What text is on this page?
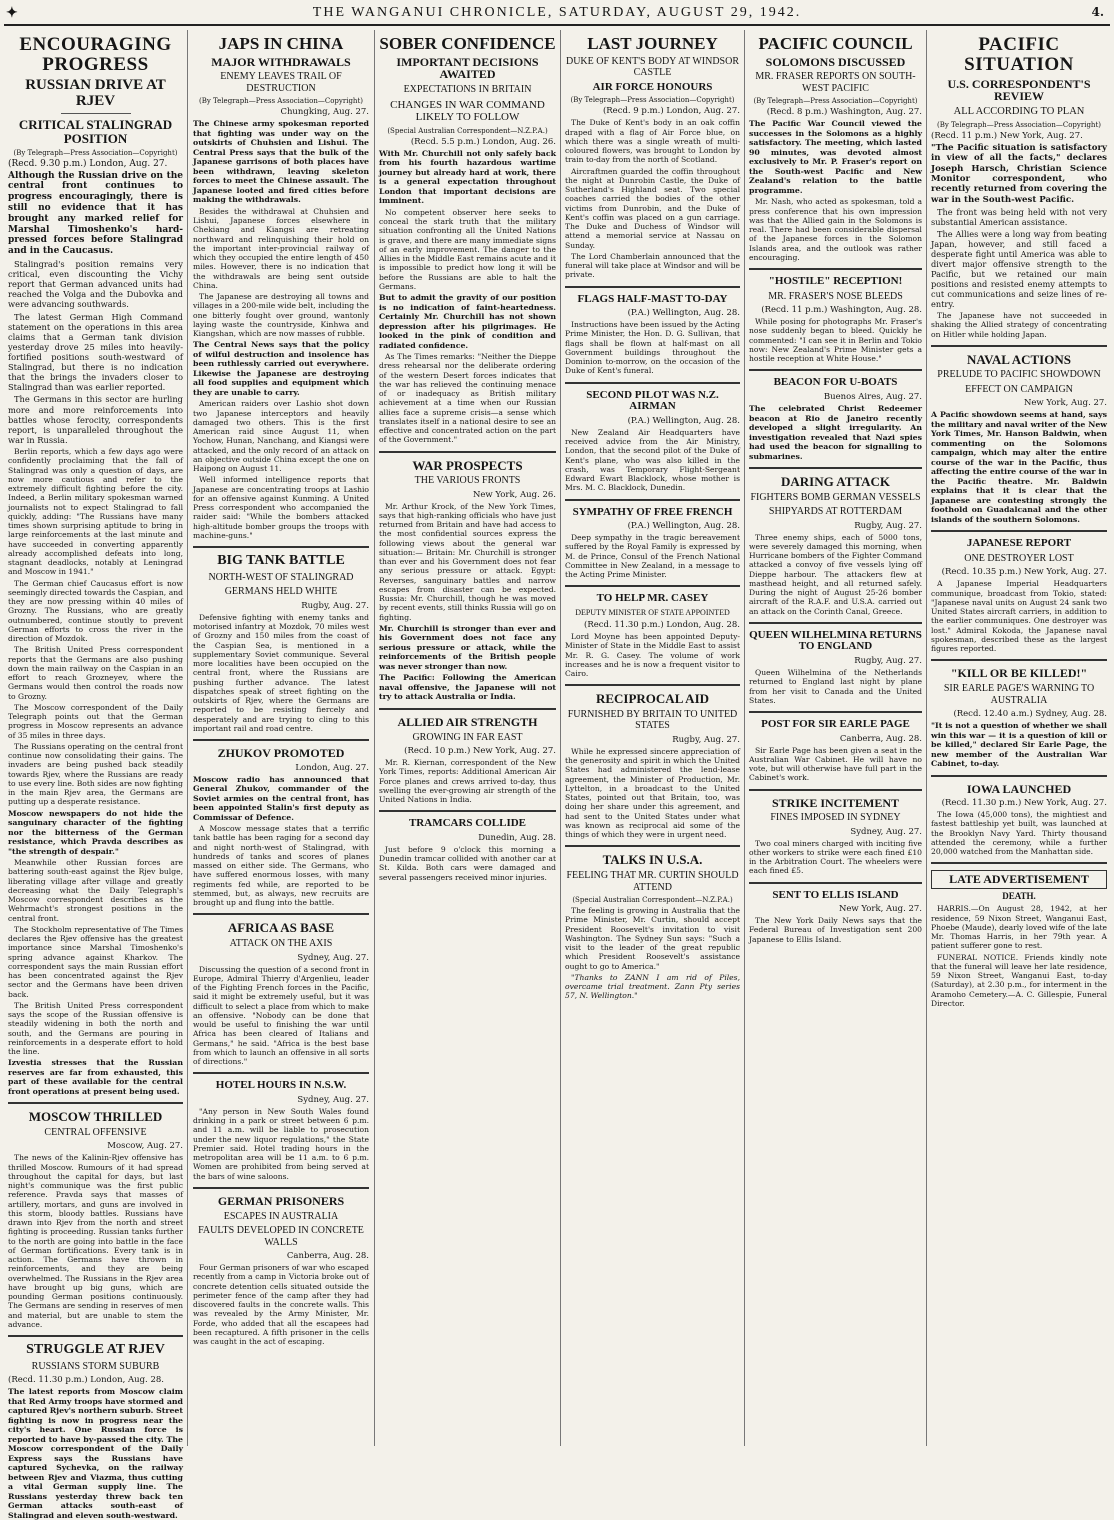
✦	THE WANGANUI CHRONICLE, SATURDAY, AUGUST 29, 1942.	4.
ENCOURAGING PROGRESS
RUSSIAN DRIVE AT RJEV
CRITICAL STALINGRAD POSITION
(By Telegraph—Press Association—Copyright)
(Recd. 9.30 p.m.) London, Aug. 27.
Although the Russian drive on the central front continues to progress encouragingly, there is still no evidence that it has brought any marked relief for Marshal Timoshenko's hard-pressed forces before Stalingrad and in the Caucasus.
Stalingrad's position remains very critical, even discounting the Vichy report that German advanced units had reached the Volga and the Dubovka and were advancing southwards.
The latest German High Command statement on the operations in this area claims that a German tank division yesterday drove 25 miles into heavily-fortified positions south-westward of Stalingrad, but there is no indication that the brings the invaders closer to Stalingrad than was earlier reported.
The Germans in this sector are hurling more and more reinforcements into battles whose ferocity, correspondents report, is unparalleled throughout the war in Russia.
Berlin reports, which a few days ago were confidently proclaiming that the fall of Stalingrad was only a question of days, are now more cautious and refer to the extremely difficult fighting before the city. Indeed, a Berlin military spokesman warned journalists not to expect Stalingrad to fall quickly, adding: "The Russians have many times shown surprising aptitude to bring in large reinforcements at the last minute and have succeeded in converting apparently already accomplished defeats into long, stagnant deadlocks, notably at Leningrad and Moscow in 1941."
The German chief Caucasus effort is now seemingly directed towards the Caspian, and they are now pressing within 40 miles of Grozny. The Russians, who are greatly outnumbered, continue stoutly to prevent German efforts to cross the river in the direction of Mozdok.
The British United Press correspondent reports that the Germans are also pushing down the main railway on the Caspian in an effort to reach Grozneyev, where the Germans would then control the roads now to Grozny.
The Moscow correspondent of the Daily Telegraph points out that the German progress in Moscow represents an advance of 35 miles in three days.
The Russians operating on the central front continue now consolidating their gains. The invaders are being pushed back steadily towards Rjev, where the Russians are ready to use every line. Both sides are now fighting in the main Rjev area, the Germans are putting up a desperate resistance.
Moscow newspapers do not hide the sanguinary character of the fighting nor the bitterness of the German resistance, which Pravda describes as "the strength of despair."
Meanwhile other Russian forces are battering south-east against the Rjev bulge, liberating village after village and greatly decreasing what the Daily Telegraph's Moscow correspondent describes as the Wehrmacht's strongest positions in the central front.
The Stockholm representative of The Times declares the Rjev offensive has the greatest importance since Marshal Timoshenko's spring advance against Kharkov. The correspondent says the main Russian effort has been concentrated against the Rjev sector and the Germans have been driven back.
The British United Press correspondent says the scope of the Russian offensive is steadily widening in both the north and south, and the Germans are pouring in reinforcements in a desperate effort to hold the line.
Izvestia stresses that the Russian reserves are far from exhausted, this part of these available for the central front operations at present being used.
MOSCOW THRILLED
CENTRAL OFFENSIVE
Moscow, Aug. 27.
The news of the Kalinin-Rjev offensive has thrilled Moscow. Rumours of it had spread throughout the capital for days, but last night's communique was the first public reference. Pravda says that masses of artillery, mortars, and guns are involved in this storm, bloody battles. Russians have drawn into Rjev from the north and street fighting is proceeding. Russian tanks further to the north are going into battle in the face of German fortifications. Every tank is in action. The Germans have thrown in reinforcements, and they are being overwhelmed. The Russians in the Rjev area have brought up big guns, which are pounding German positions continuously. The Germans are sending in reserves of men and material, but are unable to stem the advance.
STRUGGLE AT RJEV
RUSSIANS STORM SUBURB
(Recd. 11.30 p.m.) London, Aug. 28.
The latest reports from Moscow claim that Red Army troops have stormed and captured Rjev's northern suburb. Street fighting is now in progress near the city's heart. One Russian force is reported to have by-passed the city. The Moscow correspondent of the Daily Express says the Russians have captured Sychevka, on the railway between Rjev and Viazma, thus cutting a vital German supply line. The Russians yesterday threw back ten German attacks south-east of Stalingrad and eleven south-westward.
JAPS IN CHINA
MAJOR WITHDRAWALS
ENEMY LEAVES TRAIL OF DESTRUCTION
(By Telegraph—Press Association—Copyright)
Chungking, Aug. 27.
The Chinese army spokesman reported that fighting was under way on the outskirts of Chuhsien and Lishui. The Central Press says that the bulk of the Japanese garrisons of both places have been withdrawn, leaving skeleton forces to meet the Chinese assault. The Japanese looted and fired cities before making the withdrawals.
Besides the withdrawal at Chuhsien and Lishui, Japanese forces elsewhere in Chekiang and Kiangsi are retreating northward and relinquishing their hold on the important inter-provincial railway of which they occupied the entire length of 450 miles. However, there is no indication that the withdrawals are being sent outside China.
The Japanese are destroying all towns and villages in a 200-mile wide belt, including the one bitterly fought over ground, wantonly laying waste the countryside, Kinhwa and Kiangshan, which are now masses of rubble.
The Central News says that the policy of wilful destruction and insolence has been ruthlessly carried out everywhere. Likewise the Japanese are destroying all food supplies and equipment which they are unable to carry.
American raiders over Lashio shot down two Japanese interceptors and heavily damaged two others. This is the first American raid since August 11, when Yochow, Hunan, Nanchang, and Kiangsi were attacked, and the only record of an attack on an objective outside China except the one on Haipong on August 11.
Well informed intelligence reports that Japanese are concentrating troops at Lashio for an offensive against Kunming. A United Press correspondent who accompanied the raider said: "While the bombers attacked high-altitude bomber groups the troops with machine-guns."
BIG TANK BATTLE
NORTH-WEST OF STALINGRAD
GERMANS HELD WHITE
Rugby, Aug. 27.
Defensive fighting with enemy tanks and motorised infantry at Mozdok, 70 miles west of Grozny and 150 miles from the coast of the Caspian Sea, is mentioned in a supplementary Soviet communique. Several more localities have been occupied on the central front, where the Russians are pushing further advance. The latest dispatches speak of street fighting on the outskirts of Rjev, where the Germans are reported to be resisting fiercely and desperately and are trying to cling to this important rail and road centre.
ZHUKOV PROMOTED
London, Aug. 27.
Moscow radio has announced that General Zhukov, commander of the Soviet armies on the central front, has been appointed Stalin's first deputy as Commissar of Defence.
A Moscow message states that a terrific tank battle has been raging for a second day and night north-west of Stalingrad, with hundreds of tanks and scores of planes massed on either side. The Germans, who have suffered enormous losses, with many regiments fed while, are reported to be stemmed, but, as always, new recruits are brought up and flung into the battle.
AFRICA AS BASE
ATTACK ON THE AXIS
Sydney, Aug. 27.
Discussing the question of a second front in Europe, Admiral Thierry d'Argenlieu, leader of the Fighting French forces in the Pacific, said it might be extremely useful, but it was difficult to select a place from which to make an offensive. "Nobody can be done that would be useful to finishing the war until Africa has been cleared of Italians and Germans," he said. "Africa is the best base from which to launch an offensive in all sorts of directions."
HOTEL HOURS IN N.S.W.
Sydney, Aug. 27.
"Any person in New South Wales found drinking in a park or street between 6 p.m. and 11 a.m. will be liable to prosecution under the new liquor regulations," the State Premier said. Hotel trading hours in the metropolitan area will be 11 a.m. to 6 p.m. Women are prohibited from being served at the bars of wine saloons.
GERMAN PRISONERS
ESCAPES IN AUSTRALIA
FAULTS DEVELOPED IN CONCRETE WALLS
Canberra, Aug. 28.
Four German prisoners of war who escaped recently from a camp in Victoria broke out of concrete detention cells situated outside the perimeter fence of the camp after they had discovered faults in the concrete walls. This was revealed by the Army Minister, Mr. Forde, who added that all the escapees had been recaptured. A fifth prisoner in the cells was caught in the act of escaping.
SOBER CONFIDENCE
IMPORTANT DECISIONS AWAITED
EXPECTATIONS IN BRITAIN
CHANGES IN WAR COMMAND LIKELY TO FOLLOW
(Special Australian Correspondent—N.Z.P.A.)
(Recd. 5.5 p.m.) London, Aug. 26.
With Mr. Churchill not only safely back from his fourth hazardous wartime journey but already hard at work, there is a general expectation throughout London that important decisions are imminent.
No competent observer here seeks to conceal the stark truth that the military situation confronting all the United Nations is grave, and there are many immediate signs of an early improvement. The danger to the Allies in the Middle East remains acute and it is impossible to predict how long it will be before the Russians are able to halt the Germans.
But to admit the gravity of our position is no indication of faint-heartedness. Certainly Mr. Churchill has not shown depression after his pilgrimages. He looked in the pink of condition and radiated confidence.
As The Times remarks: "Neither the Dieppe dress rehearsal nor the deliberate ordering of the western Desert forces indicates that the war has relieved the continuing menace of or inadequacy as British military achievement at a time when our Russian allies face a supreme crisis—a sense which translates itself in a national desire to see an effective and concentrated action on the part of the Government."
WAR PROSPECTS
THE VARIOUS FRONTS
New York, Aug. 26.
Mr. Arthur Krock, of the New York Times, says that high-ranking officials who have just returned from Britain and have had access to the most confidential sources express the following views about the general war situation:— Britain: Mr. Churchill is stronger than ever and his Government does not fear any serious pressure or attack. Egypt: Reverses, sanguinary battles and narrow escapes from disaster can be expected. Russia: Mr. Churchill, though he was moved by recent events, still thinks Russia will go on fighting.
Mr. Churchill is stronger than ever and his Government does not face any serious pressure or attack, while the reinforcements of the British people was never stronger than now.
The Pacific: Following the American naval offensive, the Japanese will not try to attack Australia or India.
ALLIED AIR STRENGTH
GROWING IN FAR EAST
(Recd. 10 p.m.) New York, Aug. 27.
Mr. R. Kiernan, correspondent of the New York Times, reports: Additional American Air Force planes and crews arrived to-day, thus swelling the ever-growing air strength of the United Nations in India.
TRAMCARS COLLIDE
Dunedin, Aug. 28.
Just before 9 o'clock this morning a Dunedin tramcar collided with another car at St. Kilda. Both cars were damaged and several passengers received minor injuries.
LAST JOURNEY
DUKE OF KENT'S BODY AT WINDSOR CASTLE
AIR FORCE HONOURS
(By Telegraph—Press Association—Copyright)
(Recd. 9 p.m.) London, Aug. 27.
The Duke of Kent's body in an oak coffin draped with a flag of Air Force blue, on which there was a single wreath of multi-coloured flowers, was brought to London by train to-day from the north of Scotland.
Aircraftmen guarded the coffin throughout the night at Dunrobin Castle, the Duke of Sutherland's Highland seat. Two special coaches carried the bodies of the other victims from Dunrobin, and the Duke of Kent's coffin was placed on a gun carriage. The Duke and Duchess of Windsor will attend a memorial service at Nassau on Sunday.
The Lord Chamberlain announced that the funeral will take place at Windsor and will be private.
FLAGS HALF-MAST TO-DAY
(P.A.) Wellington, Aug. 28.
Instructions have been issued by the Acting Prime Minister, the Hon. D. G. Sullivan, that flags shall be flown at half-mast on all Government buildings throughout the Dominion to-morrow, on the occasion of the Duke of Kent's funeral.
SECOND PILOT WAS N.Z. AIRMAN
(P.A.) Wellington, Aug. 28.
New Zealand Air Headquarters have received advice from the Air Ministry, London, that the second pilot of the Duke of Kent's plane, who was also killed in the crash, was Temporary Flight-Sergeant Edward Ewart Blacklock, whose mother is Mrs. M. C. Blacklock, Dunedin.
SYMPATHY OF FREE FRENCH
(P.A.) Wellington, Aug. 28.
Deep sympathy in the tragic bereavement suffered by the Royal Family is expressed by M. de Prince, Consul of the French National Committee in New Zealand, in a message to the Acting Prime Minister.
TO HELP MR. CASEY
DEPUTY MINISTER OF STATE APPOINTED
(Recd. 11.30 p.m.) London, Aug. 28.
Lord Moyne has been appointed Deputy-Minister of State in the Middle East to assist Mr. R. G. Casey. The volume of work increases and he is now a frequent visitor to Cairo.
RECIPROCAL AID
FURNISHED BY BRITAIN TO UNITED STATES
Rugby, Aug. 27.
While he expressed sincere appreciation of the generosity and spirit in which the United States had administered the lend-lease agreement, the Minister of Production, Mr. Lyttelton, in a broadcast to the United States, pointed out that Britain, too, was doing her share under this agreement, and had sent to the United States under what was known as reciprocal aid some of the things of which they were in urgent need.
TALKS IN U.S.A.
FEELING THAT MR. CURTIN SHOULD ATTEND
(Special Australian Correspondent—N.Z.P.A.)
The feeling is growing in Australia that the Prime Minister, Mr. Curtin, should accept President Roosevelt's invitation to visit Washington. The Sydney Sun says: "Such a visit to the leader of the great republic which President Roosevelt's assistance ought to go to America."
"Thanks to ZANN I am rid of Piles, overcame trial treatment. Zann Pty series 57, N. Wellington."
PACIFIC COUNCIL
SOLOMONS DISCUSSED
MR. FRASER REPORTS ON SOUTH-WEST PACIFIC
(By Telegraph—Press Association—Copyright)
(Recd. 8 p.m.) Washington, Aug. 27.
The Pacific War Council viewed the successes in the Solomons as a highly satisfactory. The meeting, which lasted 90 minutes, was devoted almost exclusively to Mr. P. Fraser's report on the South-west Pacific and New Zealand's relation to the battle programme.
Mr. Nash, who acted as spokesman, told a press conference that his own impression was that the Allied gain in the Solomons is real. There had been considerable dispersal of the Japanese forces in the Solomon Islands area, and the outlook was rather encouraging.
"HOSTILE" RECEPTION!
MR. FRASER'S NOSE BLEEDS
(Recd. 11 p.m.) Washington, Aug. 28.
While posing for photographs Mr. Fraser's nose suddenly began to bleed. Quickly he commented: "I can see it in Berlin and Tokio now: New Zealand's Prime Minister gets a hostile reception at White House."
BEACON FOR U-BOATS
Buenos Aires, Aug. 27.
The celebrated Christ Redeemer beacon at Rio de Janeiro recently developed a slight irregularity. An investigation revealed that Nazi spies had used the beacon for signalling to submarines.
DARING ATTACK
FIGHTERS BOMB GERMAN VESSELS
SHIPYARDS AT ROTTERDAM
Rugby, Aug. 27.
Three enemy ships, each of 5000 tons, were severely damaged this morning, when Hurricane bombers of the Fighter Command attacked a convoy of five vessels lying off Dieppe harbour. The attackers flew at masthead height, and all returned safely. During the night of August 25-26 bomber aircraft of the R.A.F. and U.S.A. carried out an attack on the Corinth Canal, Greece.
QUEEN WILHELMINA RETURNS TO ENGLAND
Rugby, Aug. 27.
Queen Wilhelmina of the Netherlands returned to England last night by plane from her visit to Canada and the United States.
POST FOR SIR EARLE PAGE
Canberra, Aug. 28.
Sir Earle Page has been given a seat in the Australian War Cabinet. He will have no vote, but will otherwise have full part in the Cabinet's work.
STRIKE INCITEMENT
FINES IMPOSED IN SYDNEY
Sydney, Aug. 27.
Two coal miners charged with inciting five other workers to strike were each fined £10 in the Arbitration Court. The wheelers were each fined £5.
SENT TO ELLIS ISLAND
New York, Aug. 27.
The New York Daily News says that the Federal Bureau of Investigation sent 200 Japanese to Ellis Island.
PACIFIC SITUATION
U.S. CORRESPONDENT'S REVIEW
ALL ACCORDING TO PLAN
(By Telegraph—Press Association—Copyright)
(Recd. 11 p.m.) New York, Aug. 27.
"The Pacific situation is satisfactory in view of all the facts," declares Joseph Harsch, Christian Science Monitor correspondent, who recently returned from covering the war in the South-west Pacific.
The front was being held with not very substantial American assistance.
The Allies were a long way from beating Japan, however, and still faced a desperate fight until America was able to divert major offensive strength to the Pacific, but we retained our main positions and resisted enemy attempts to cut communications and seize lines of re-entry.
The Japanese have not succeeded in shaking the Allied strategy of concentrating on Hitler while holding Japan.
NAVAL ACTIONS
PRELUDE TO PACIFIC SHOWDOWN
EFFECT ON CAMPAIGN
New York, Aug. 27.
A Pacific showdown seems at hand, says the military and naval writer of the New York Times, Mr. Hanson Baldwin, when commenting on the Solomons campaign, which may alter the entire course of the war in the Pacific, thus affecting the entire course of the war in the Pacific theatre. Mr. Baldwin explains that it is clear that the Japanese are contesting strongly the foothold on Guadalcanal and the other islands of the southern Solomons.
JAPANESE REPORT
ONE DESTROYER LOST
(Recd. 10.35 p.m.) New York, Aug. 27.
A Japanese Imperial Headquarters communique, broadcast from Tokio, stated: "Japanese naval units on August 24 sank two United States aircraft carriers, in addition to the earlier communiques. One destroyer was lost." Admiral Kokoda, the Japanese naval spokesman, described these as the largest figures reported.
"KILL OR BE KILLED!"
SIR EARLE PAGE'S WARNING TO AUSTRALIA
(Recd. 12.40 a.m.) Sydney, Aug. 28.
"It is not a question of whether we shall win this war — it is a question of kill or be killed," declared Sir Earle Page, the new member of the Australian War Cabinet, to-day.
IOWA LAUNCHED
(Recd. 11.30 p.m.) New York, Aug. 27.
The Iowa (45,000 tons), the mightiest and fastest battleship yet built, was launched at the Brooklyn Navy Yard. Thirty thousand attended the ceremony, while a further 20,000 watched from the Manhattan side.
LATE ADVERTISEMENT
DEATH.
HARRIS.—On August 28, 1942, at her residence, 59 Nixon Street, Wanganui East, Phoebe (Maude), dearly loved wife of the late Mr. Thomas Harris, in her 79th year. A patient sufferer gone to rest.
FUNERAL NOTICE. Friends kindly note that the funeral will leave her late residence, 59 Nixon Street, Wanganui East, to-day (Saturday), at 2.30 p.m., for interment in the Aramoho Cemetery.—A. C. Gillespie, Funeral Director.
